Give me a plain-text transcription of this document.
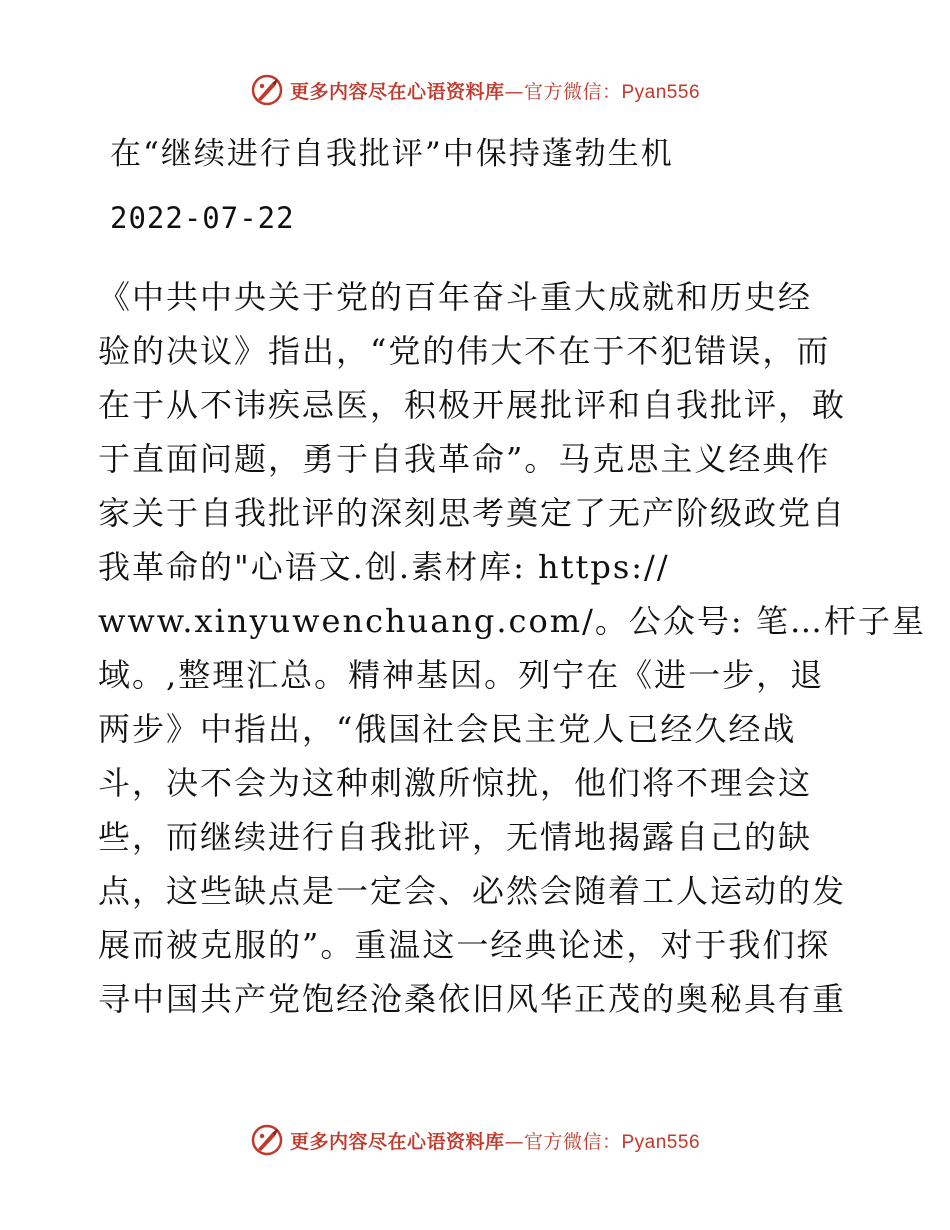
更多内容尽在心语资料库—官方微信：Pyan556
在“继续进行自我批评”中保持蓬勃生机
2022-07-22
《中共中央关于党的百年奋斗重大成就和历史经
验的决议》指出，“党的伟大不在于不犯错误，而
在于从不讳疾忌医，积极开展批评和自我批评，敢
于直面问题，勇于自我革命”。马克思主义经典作
家关于自我批评的深刻思考奠定了无产阶级政党自
我革命的"心语文.创.素材库: https://
www.xinyuwenchuang.com/。公众号: 笔…杆子星
域。,整理汇总。精神基因。列宁在《进一步，退
两步》中指出，“俄国社会民主党人已经久经战
斗，决不会为这种刺激所惊扰，他们将不理会这
些，而继续进行自我批评，无情地揭露自己的缺
点，这些缺点是一定会、必然会随着工人运动的发
展而被克服的”。重温这一经典论述，对于我们探
寻中国共产党饱经沧桑依旧风华正茂的奥秘具有重
更多内容尽在心语资料库—官方微信：Pyan556
